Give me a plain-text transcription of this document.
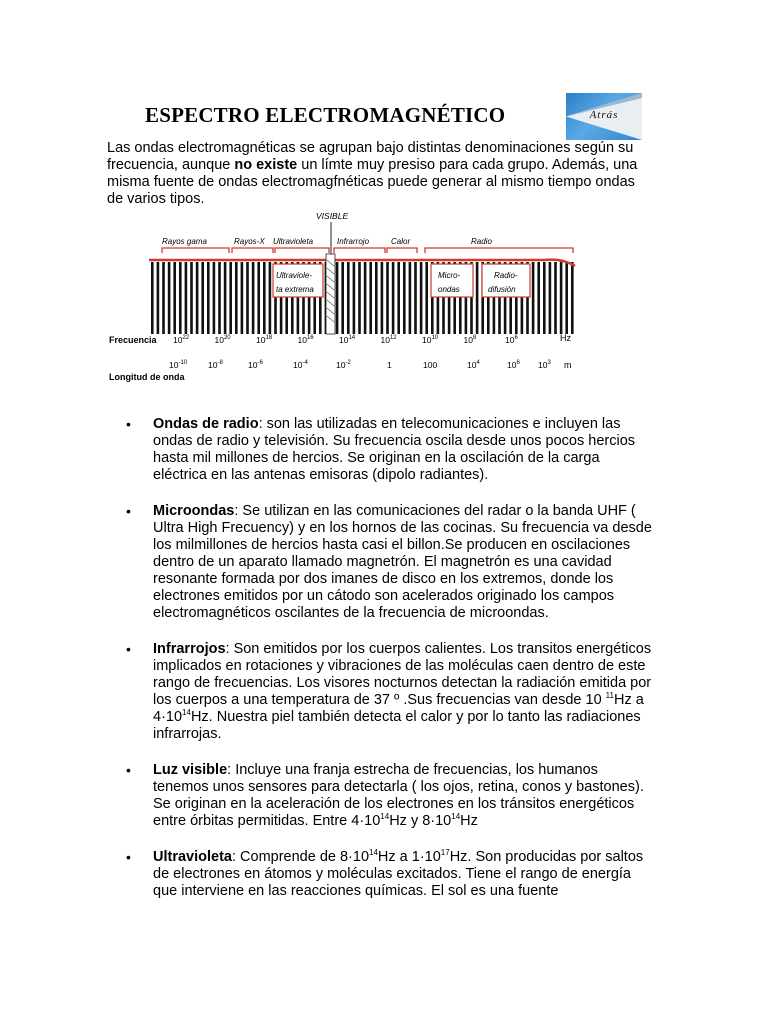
ESPECTRO ELECTROMAGNÉTICO	Atrás
Las ondas electromagnéticas se agrupan bajo distintas denominaciones según su frecuencia, aunque no existe un límte muy presiso para cada grupo. Además, una misma fuente de ondas electromagfnéticas puede generar al mismo tiempo ondas de varios tipos.
VISIBLE
Rayos gama	Rayos-X Ultravioleta	Infrarrojo	Calor	Radio
Ultraviole-
ta extrema
Micro-
ondas
Radio-
difusión
Frecuencia	Hz
$10^{22}$	$10^{20}$	$10^{18}$	$10^{16}$	$10^{14}$	$10^{12}$	$10^{10}$	$10^8$	$10^6$
$10^{-10}$ $10^{-8}$	$10^{-6}$	$10^{-4}$	$10^{-2}$	1	100	$10^4$	$10^6$ $10^3$
Longitud de onda
m
• Ondas de radio: son las utilizadas en telecomunicaciones e incluyen las ondas de radio y televisión. Su frecuencia oscila desde unos pocos hercios hasta mil millones de hercios. Se originan en la oscilación de la carga eléctrica en las antenas emisoras (dipolo radiantes).
• Microondas: Se utilizan en las comunicaciones del radar o la banda UHF ( Ultra High Frecuency) y en los hornos de las cocinas. Su frecuencia va desde los milmillones de hercios hasta casi el billon.Se producen en oscilaciones dentro de un aparato llamado magnetrón. El magnetrón es una cavidad resonante formada por dos imanes de disco en los extremos, donde los electrones emitidos por un cátodo son acelerados originado los campos electromagnéticos oscilantes de la frecuencia de microondas.
• Infrarrojos: Son emitidos por los cuerpos calientes. Los transitos energéticos implicados en rotaciones y vibraciones de las moléculas caen dentro de este rango de frecuencias. Los visores nocturnos detectan la radiación emitida por los cuerpos a una temperatura de 37 º .Sus frecuencias van desde 10 $^{11}$Hz a $4\cdot 10^{14}Hz$. Nuestra piel también detecta el calor y por lo tanto las radiaciones infrarrojas.
• Luz visible: Incluye una franja estrecha de frecuencias, los humanos tenemos unos sensores para detectarla ( los ojos, retina, conos y bastones). Se originan en la aceleración de los electrones en los tránsitos energéticos entre órbitas permitidas. Entre $4\cdot 10^{14}Hz$ y $8\cdot 10^{14}Hz$
• Ultravioleta: Comprende de $8\cdot 10^{14}Hz$ a $1\cdot 10^{17}Hz$. Son producidas por saltos de electrones en átomos y moléculas excitados. Tiene el rango de energía que interviene en las reacciones químicas. El sol es una fuente
